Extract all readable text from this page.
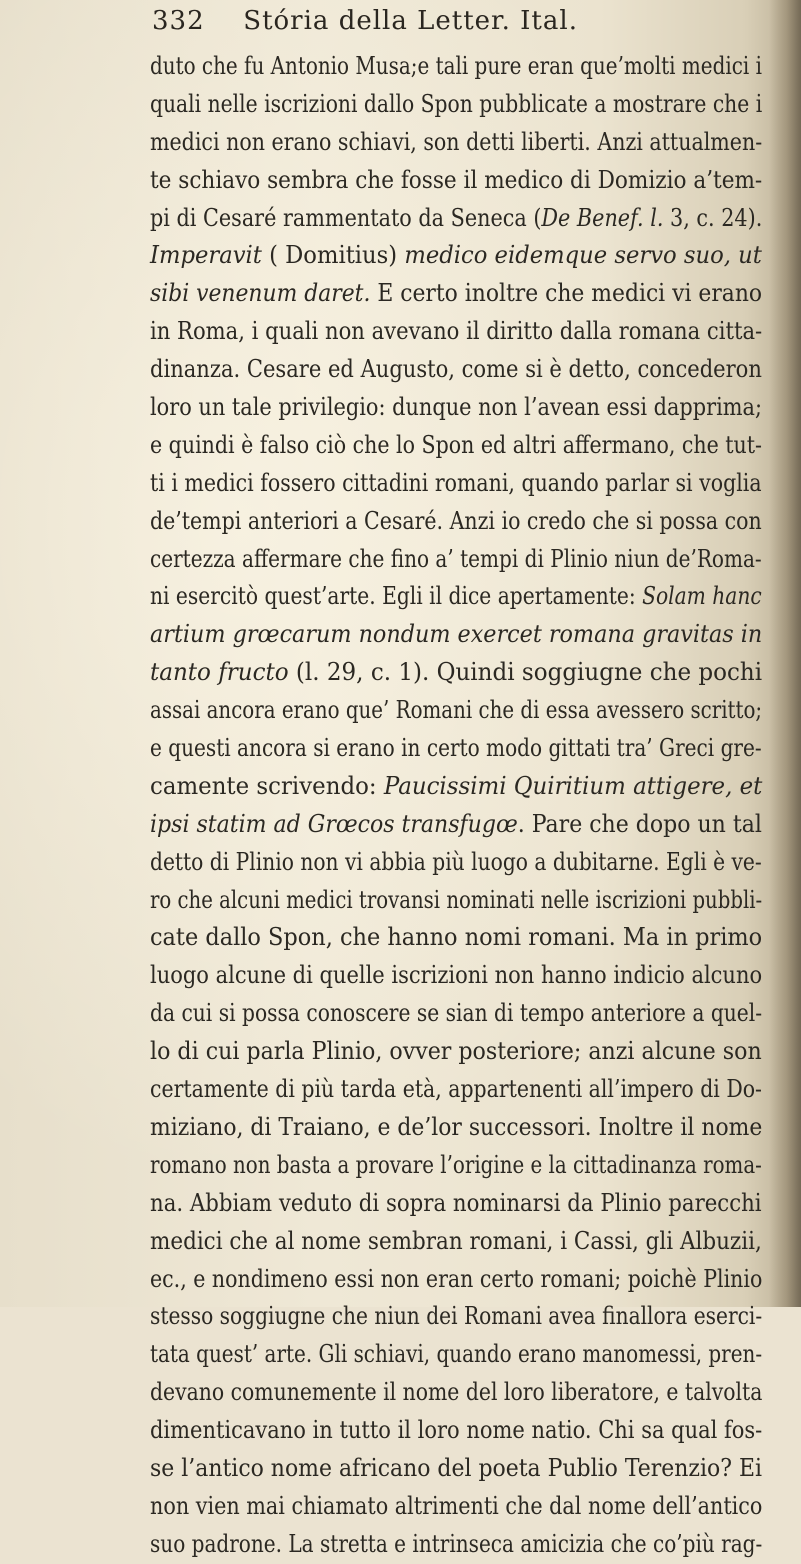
332 Stória della Letter. Ital.
duto che fu Antonio Musa;e tali pure eran que’molti medici i
quali nelle iscrizioni dallo Spon pubblicate a mostrare che i
medici non erano schiavi, son detti liberti. Anzi attualmen-
te schiavo sembra che fosse il medico di Domizio a’tem-
pi di Cesaré rammentato da Seneca (De Benef. l. 3, c. 24).
Imperavit ( Domitius) medico eidemque servo suo, ut
sibi venenum daret. E certo inoltre che medici vi erano
in Roma, i quali non avevano il diritto dalla romana citta-
dinanza. Cesare ed Augusto, come si è detto, concederon
loro un tale privilegio: dunque non l’avean essi dapprima;
e quindi è falso ciò che lo Spon ed altri affermano, che tut-
ti i medici fossero cittadini romani, quando parlar si voglia
de’tempi anteriori a Cesaré. Anzi io credo che si possa con
certezza affermare che fino a’ tempi di Plinio niun de’Roma-
ni esercitò quest’arte. Egli il dice apertamente: Solam hanc
artium grœcarum nondum exercet romana gravitas in
tanto fructo (l. 29, c. 1). Quindi soggiugne che pochi
assai ancora erano que’ Romani che di essa avessero scritto;
e questi ancora si erano in certo modo gittati tra’ Greci gre-
camente scrivendo: Paucissimi Quiritium attigere, et
ipsi statim ad Grœcos transfugœ. Pare che dopo un tal
detto di Plinio non vi abbia più luogo a dubitarne. Egli è ve-
ro che alcuni medici trovansi nominati nelle iscrizioni pubbli-
cate dallo Spon, che hanno nomi romani. Ma in primo
luogo alcune di quelle iscrizioni non hanno indicio alcuno
da cui si possa conoscere se sian di tempo anteriore a quel-
lo di cui parla Plinio, ovver posteriore; anzi alcune son
certamente di più tarda età, appartenenti all’impero di Do-
miziano, di Traiano, e de’lor successori. Inoltre il nome
romano non basta a provare l’origine e la cittadinanza roma-
na. Abbiam veduto di sopra nominarsi da Plinio parecchi
medici che al nome sembran romani, i Cassi, gli Albuzii,
ec., e nondimeno essi non eran certo romani; poichè Plinio
stesso soggiugne che niun dei Romani avea finallora eserci-
tata quest’ arte. Gli schiavi, quando erano manomessi, pren-
devano comunemente il nome del loro liberatore, e talvolta
dimenticavano in tutto il loro nome natio. Chi sa qual fos-
se l’antico nome africano del poeta Publio Terenzio? Ei
non vien mai chiamato altrimenti che dal nome dell’antico
suo padrone. La stretta e intrinseca amicizia che co’più rag-
